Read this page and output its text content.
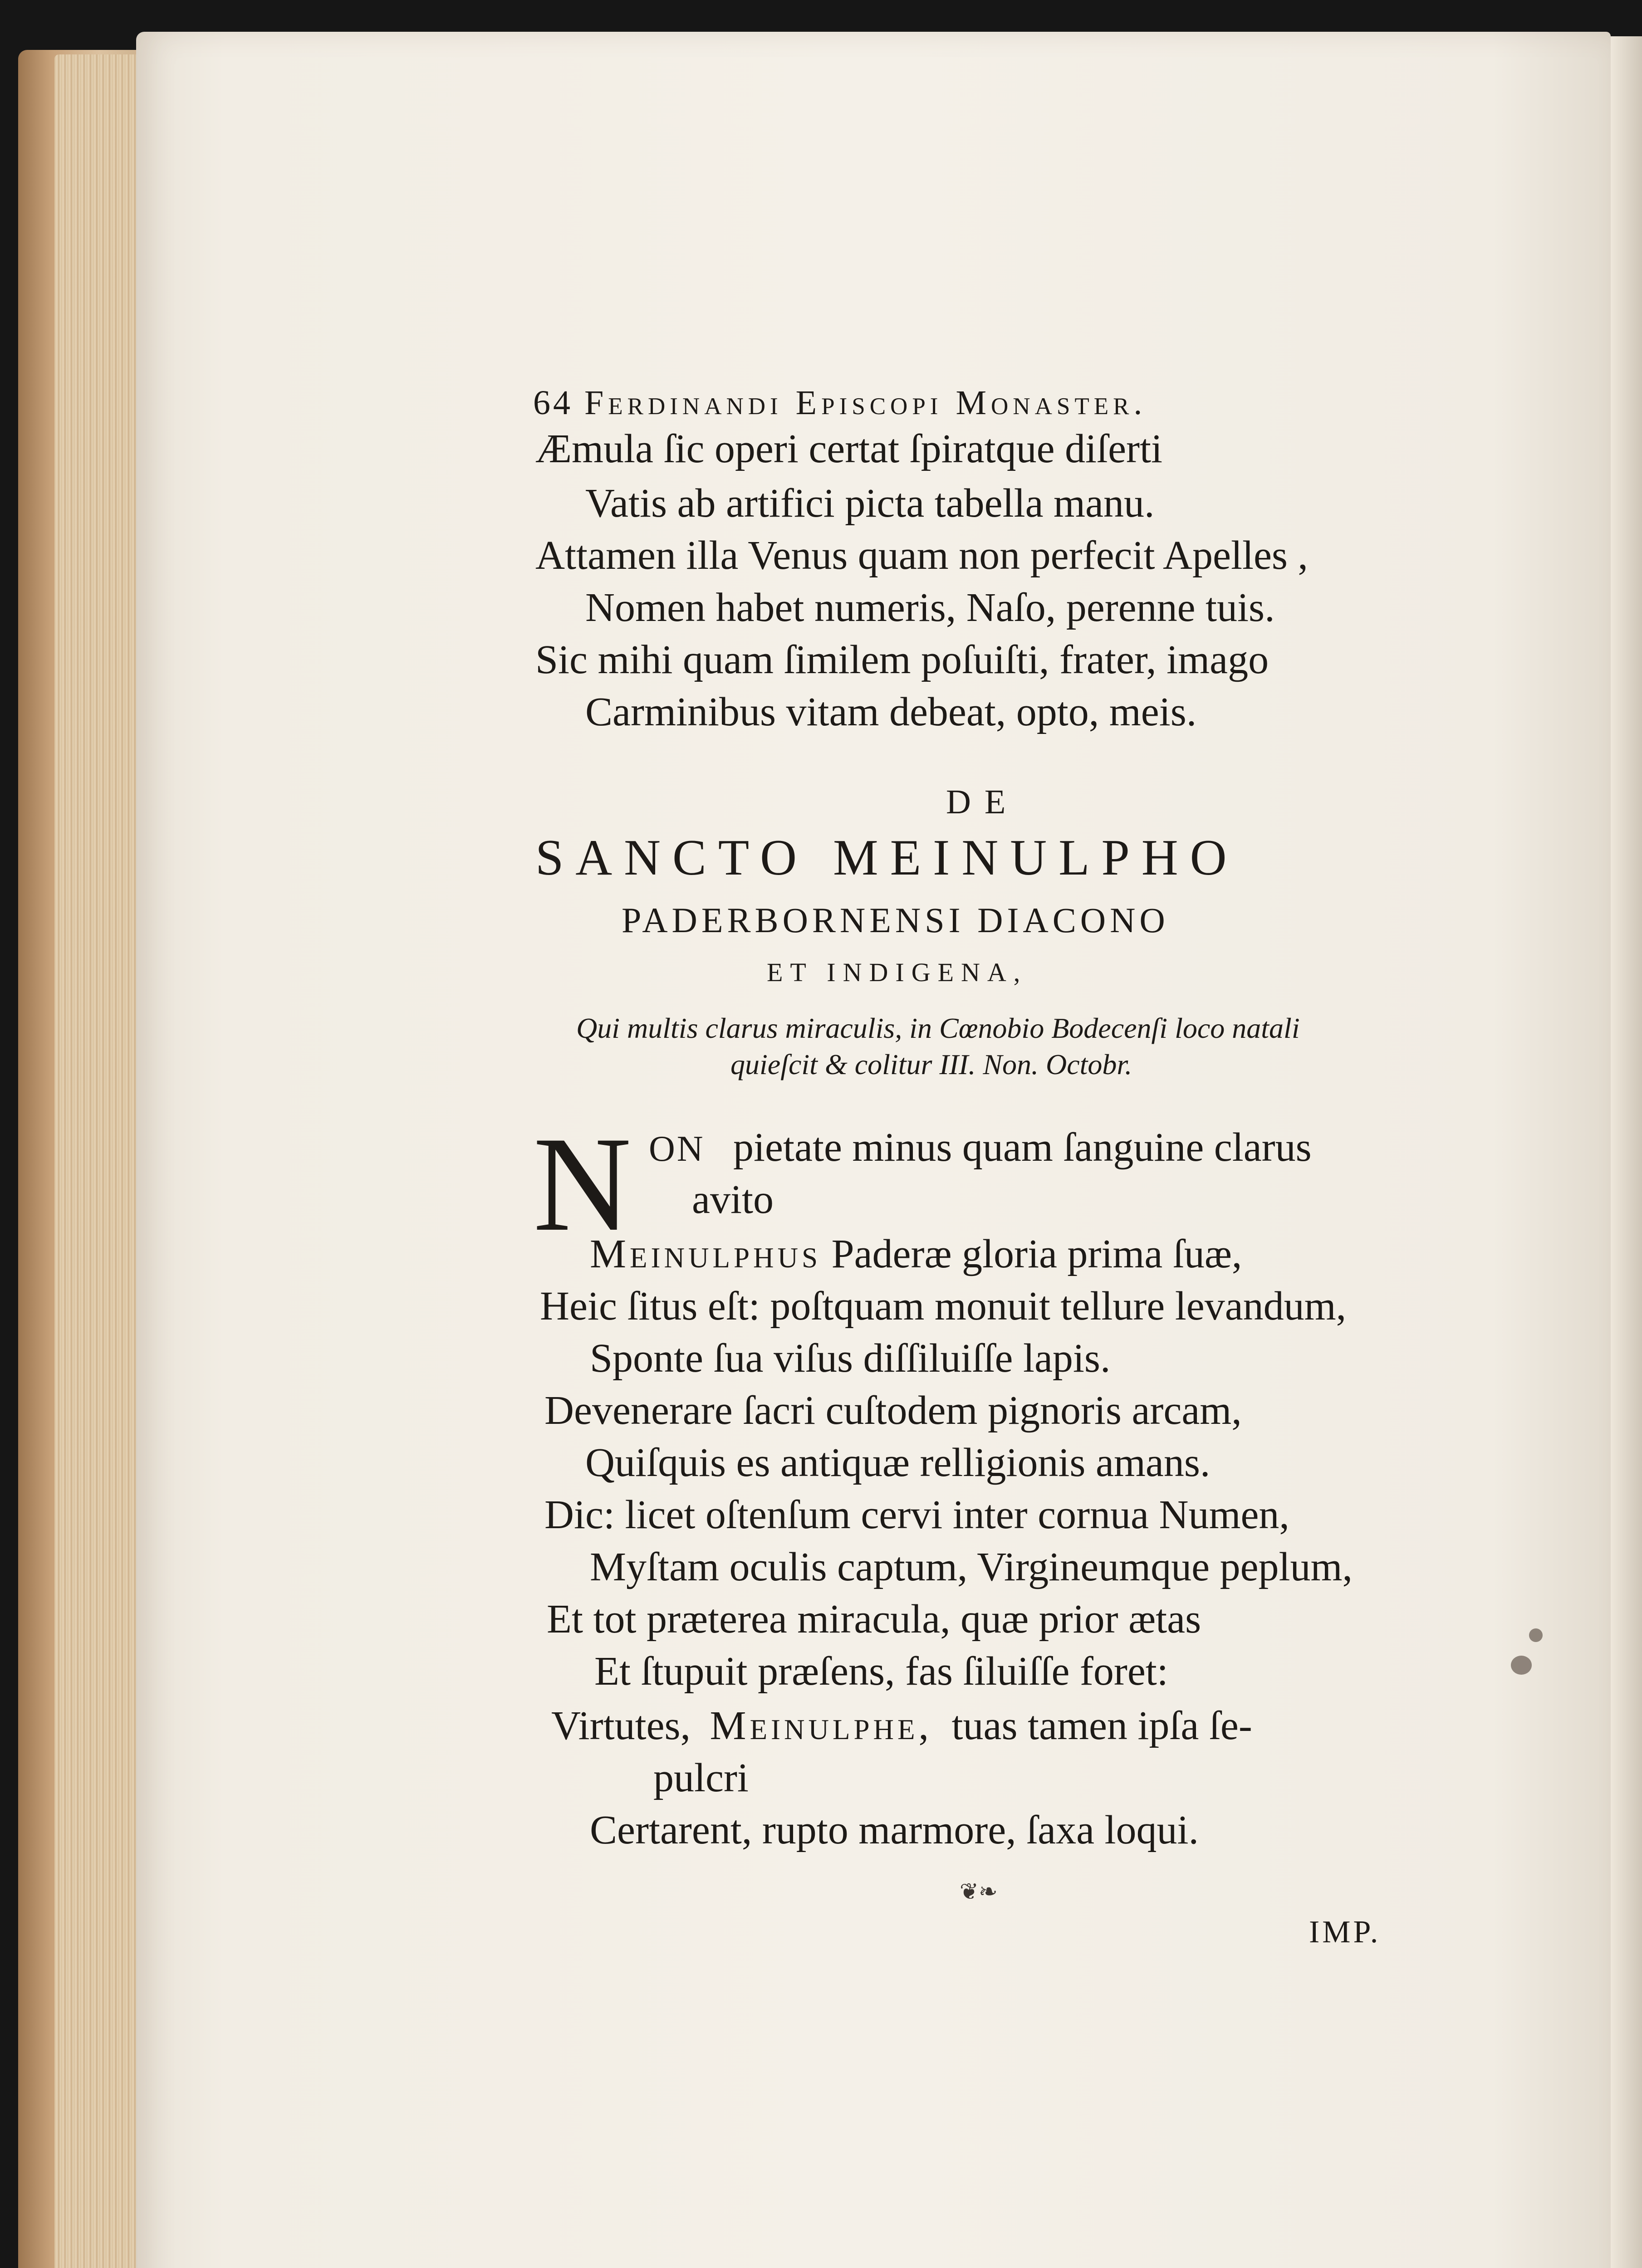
64 Ferdinandi Episcopi Monaster.
Æmula ſic operi certat ſpiratque diſerti
Vatis ab artifici picta tabella manu.
Attamen illa Venus quam non perfecit Apelles ,
Nomen habet numeris, Naſo, perenne tuis.
Sic mihi quam ſimilem poſuiſti, frater, imago
Carminibus vitam debeat, opto, meis.
DE
SANCTO MEINULPHO
PADERBORNENSI DIACONO
ET INDIGENA,
Qui multis clarus miraculis, in Cœnobio Bodecenſi loco natali
quieſcit & colitur III. Non. Octobr.
N ON pietate minus quam ſanguine clarus
avito
Meinulphus Paderæ gloria prima ſuæ,
Heic ſitus eſt: poſtquam monuit tellure levandum,
Sponte ſua viſus diſſiluiſſe lapis.
Devenerare ſacri cuſtodem pignoris arcam,
Quiſquis es antiquæ relligionis amans.
Dic: licet oſtenſum cervi inter cornua Numen,
Myſtam oculis captum, Virgineumque peplum,
Et tot præterea miracula, quæ prior ætas
Et ſtupuit præſens, fas ſiluiſſe foret:
Virtutes, Meinulphe, tuas tamen ipſa ſe-
pulcri
Certarent, rupto marmore, ſaxa loqui.
❦❧
IMP.
